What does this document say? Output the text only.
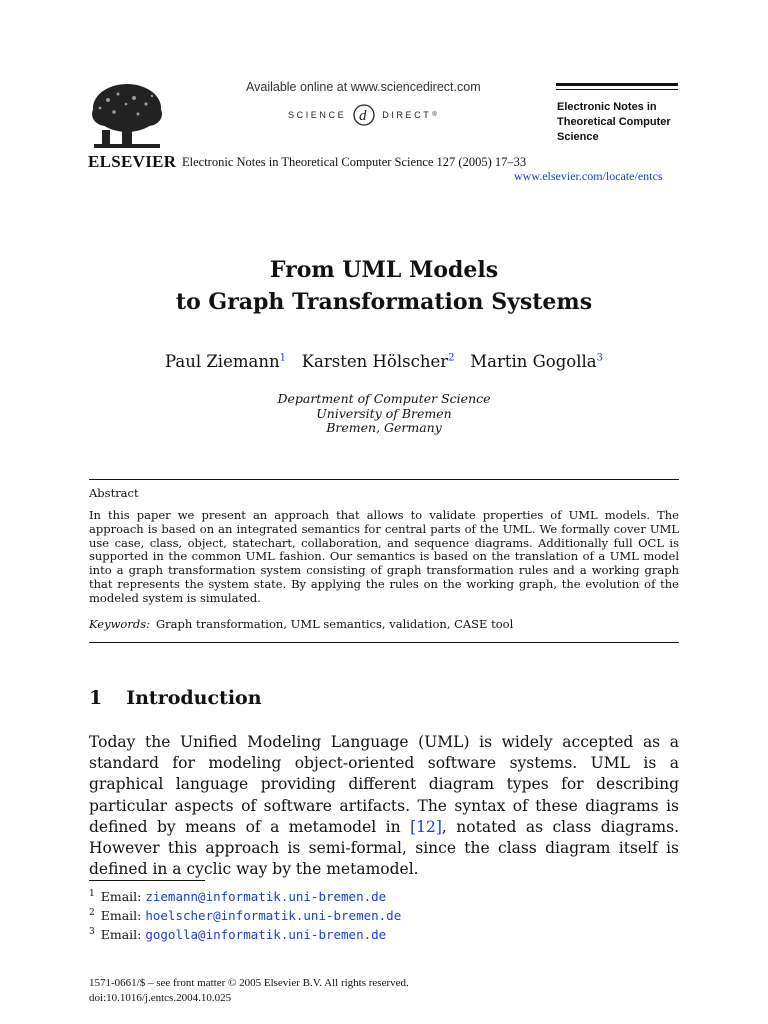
ELSEVIER
Available online at www.sciencedirect.com
SCIENCE d DIRECT ®
Electronic Notes in Theoretical Computer Science 127 (2005) 17–33
Electronic Notes in Theoretical Computer Science
www.elsevier.com/locate/entcs
From UML Models
to Graph Transformation Systems
Paul Ziemann$^1$ Karsten Hölscher$^2$ Martin Gogolla$^3$
Department of Computer Science
University of Bremen
Bremen, Germany
Abstract
In this paper we present an approach that allows to validate properties of UML models. The approach is based on an integrated semantics for central parts of the UML. We formally cover UML use case, class, object, statechart, collaboration, and sequence diagrams. Additionally full OCL is supported in the common UML fashion. Our semantics is based on the translation of a UML model into a graph transformation system consisting of graph transformation rules and a working graph that represents the system state. By applying the rules on the working graph, the evolution of the modeled system is simulated.
Keywords: Graph transformation, UML semantics, validation, CASE tool
1 Introduction
Today the Unified Modeling Language (UML) is widely accepted as a standard for modeling object-oriented software systems. UML is a graphical language providing different diagram types for describing particular aspects of software artifacts. The syntax of these diagrams is defined by means of a metamodel in [12], notated as class diagrams. However this approach is semi-formal, since the class diagram itself is defined in a cyclic way by the metamodel.
$^1$ Email: ziemann@informatik.uni-bremen.de
$^2$ Email: hoelscher@informatik.uni-bremen.de
$^3$ Email: gogolla@informatik.uni-bremen.de
1571-0661/$ – see front matter © 2005 Elsevier B.V. All rights reserved.
doi:10.1016/j.entcs.2004.10.025
